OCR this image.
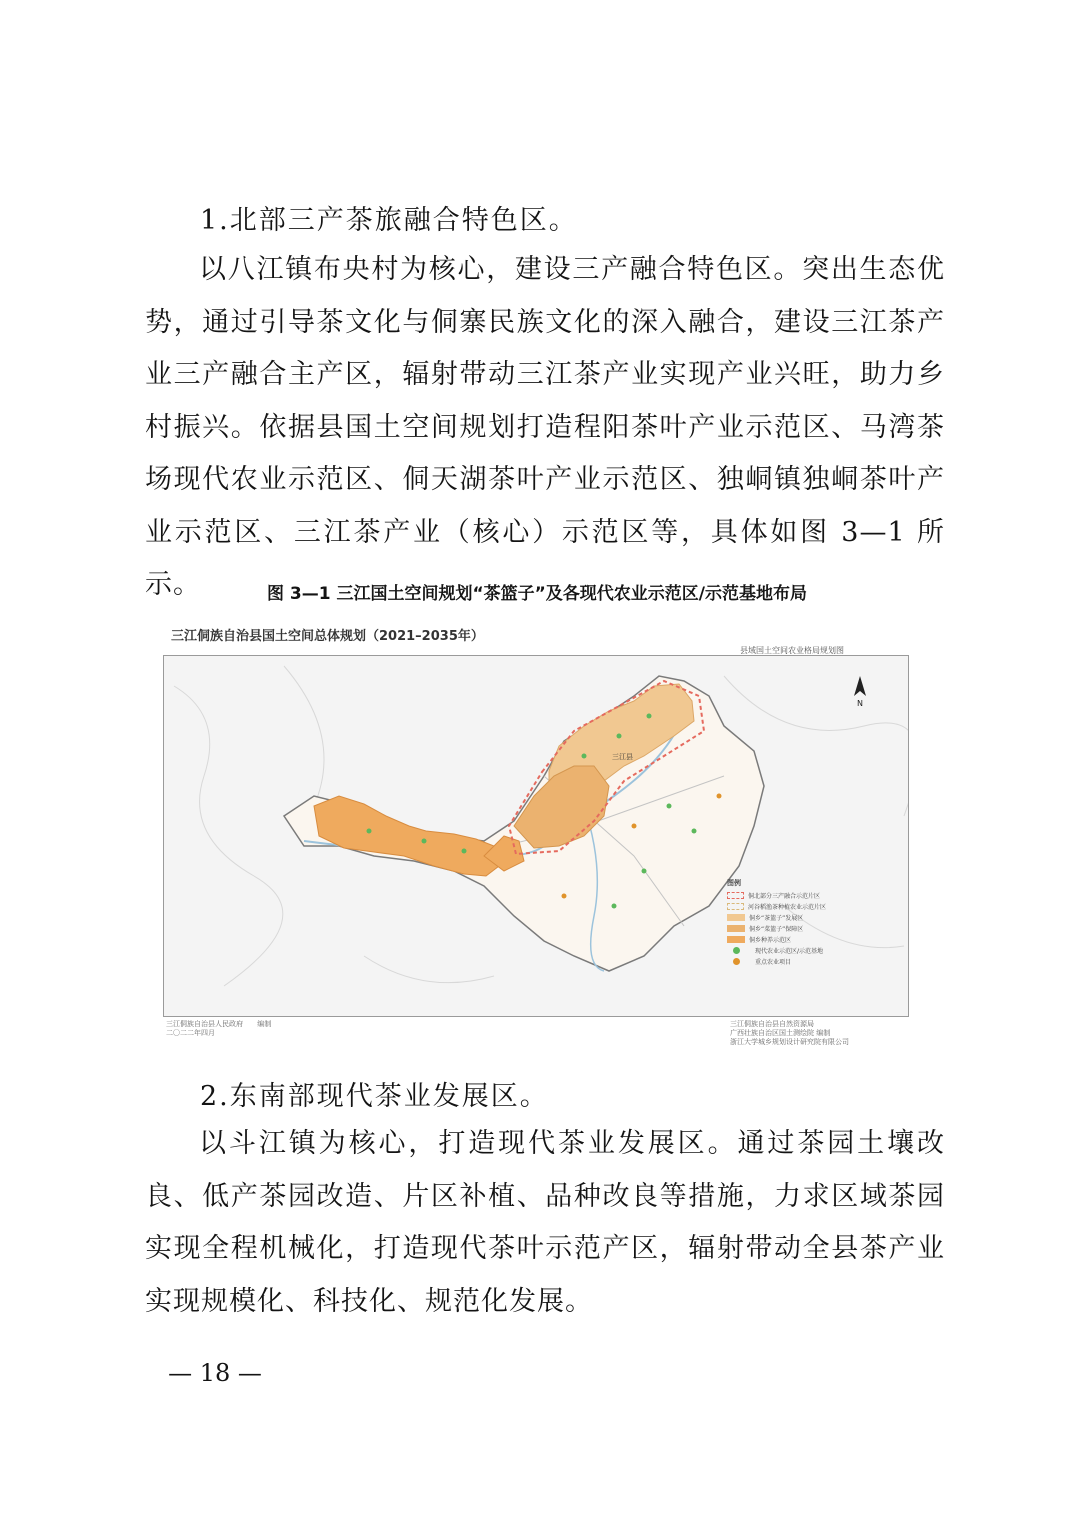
1.北部三产茶旅融合特色区。

以八江镇布央村为核心，建设三产融合特色区。突出生态优势，通过引导茶文化与侗寨民族文化的深入融合，建设三江茶产业三产融合主产区，辐射带动三江茶产业实现产业兴旺，助力乡村振兴。依据县国土空间规划打造程阳茶叶产业示范区、马湾茶场现代农业示范区、侗天湖茶叶产业示范区、独峒镇独峒茶叶产业示范区、三江茶产业（核心）示范区等，具体如图 3—1 所示。	图 3—1 三江国土空间规划“茶篮子”及各现代农业示范区/示范基地布局
三江侗族自治县国土空间总体规划（2021–2035年）
县域国土空间农业格局规划图
三江县
N
图例
侗北部分三产融合示范片区
河谷稻渔茶种植农业示范片区
侗乡“茶篮子”发展区
侗乡“菜篮子”保障区
侗乡种养示范区
现代农业示范区/示范基地
重点农业项目
三江侗族自治县人民政府 编制
二〇二二年四月
三江侗族自治县自然资源局
广西壮族自治区国土测绘院 编制
浙江大学城乡规划设计研究院有限公司
2.东南部现代茶业发展区。

以斗江镇为核心，打造现代茶业发展区。通过茶园土壤改良、低产茶园改造、片区补植、品种改良等措施，力求区域茶园实现全程机械化，打造现代茶叶示范产区，辐射带动全县茶产业实现规模化、科技化、规范化发展。

— 18 —
